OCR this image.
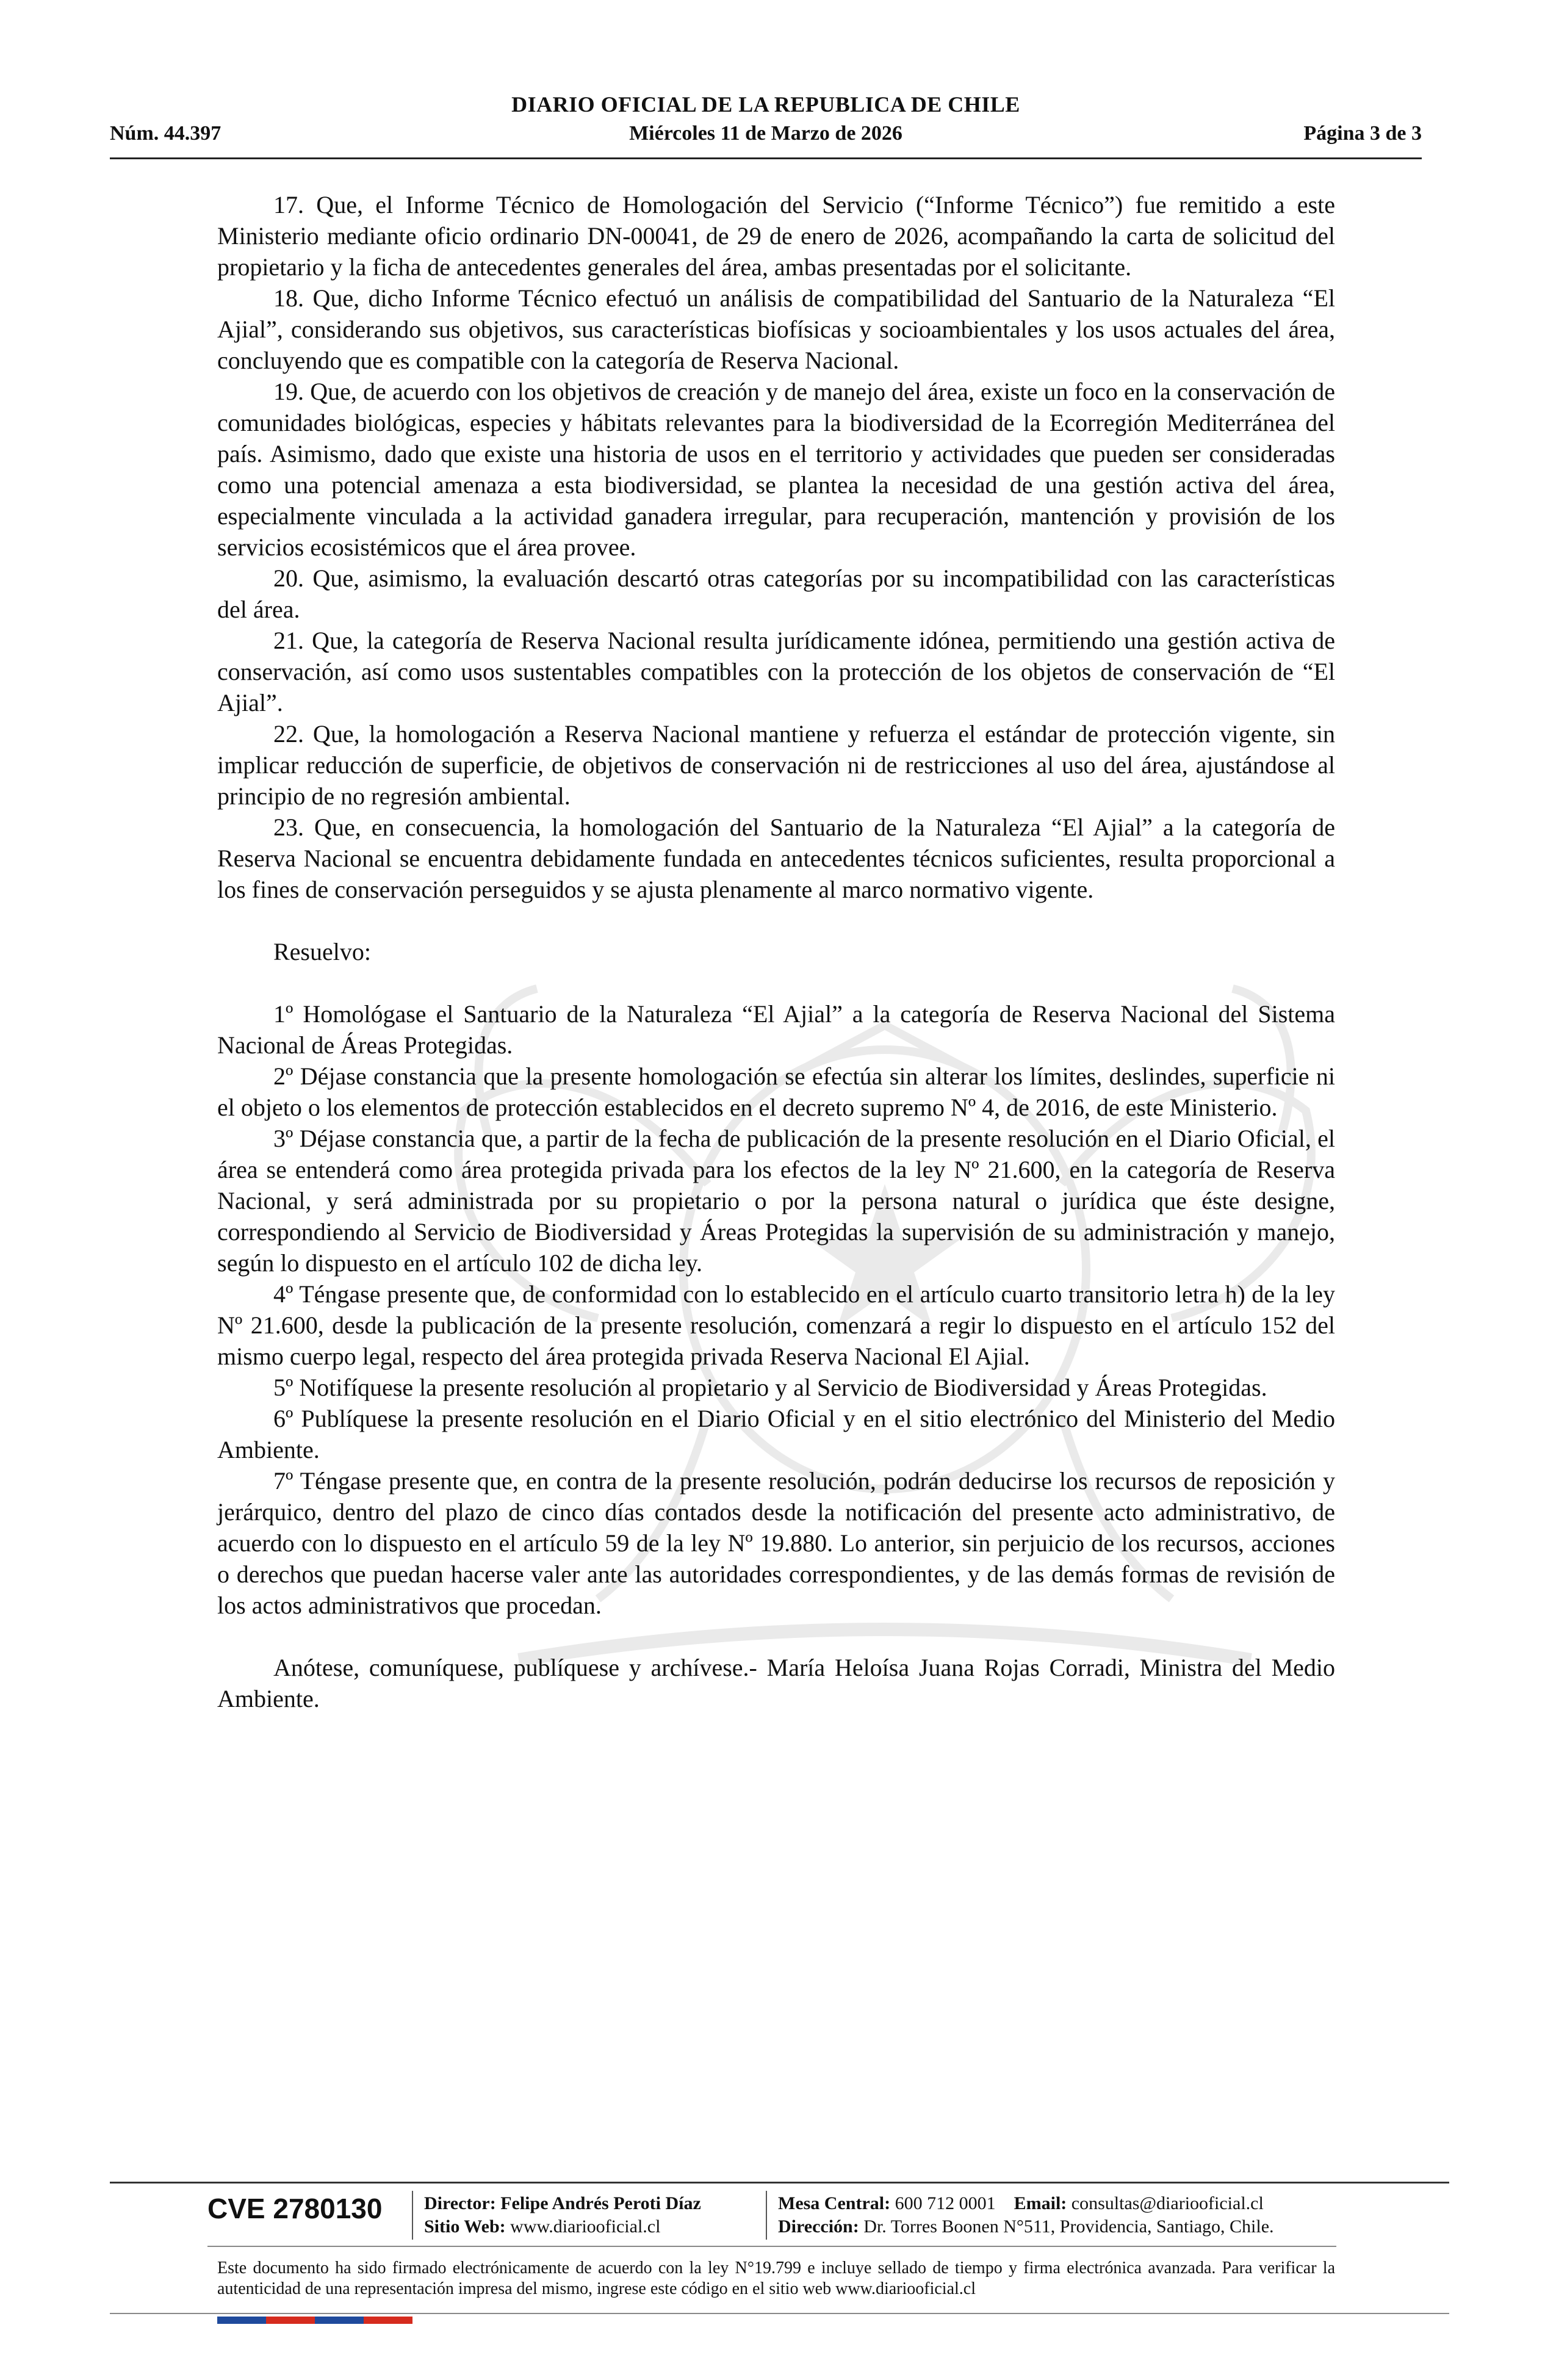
DIARIO OFICIAL DE LA REPUBLICA DE CHILE
Núm. 44.397	Miércoles 11 de Marzo de 2026	Página 3 de 3

17. Que, el Informe Técnico de Homologación del Servicio (“Informe Técnico”) fue remitido a este Ministerio mediante oficio ordinario DN-00041, de 29 de enero de 2026, acompañando la carta de solicitud del propietario y la ficha de antecedentes generales del área, ambas presentadas por el solicitante.

18. Que, dicho Informe Técnico efectuó un análisis de compatibilidad del Santuario de la Naturaleza “El Ajial”, considerando sus objetivos, sus características biofísicas y socioambientales y los usos actuales del área, concluyendo que es compatible con la categoría de Reserva Nacional.

19. Que, de acuerdo con los objetivos de creación y de manejo del área, existe un foco en la conservación de comunidades biológicas, especies y hábitats relevantes para la biodiversidad de la Ecorregión Mediterránea del país. Asimismo, dado que existe una historia de usos en el territorio y actividades que pueden ser consideradas como una potencial amenaza a esta biodiversidad, se plantea la necesidad de una gestión activa del área, especialmente vinculada a la actividad ganadera irregular, para recuperación, mantención y provisión de los servicios ecosistémicos que el área provee.

20. Que, asimismo, la evaluación descartó otras categorías por su incompatibilidad con las características del área.

21. Que, la categoría de Reserva Nacional resulta jurídicamente idónea, permitiendo una gestión activa de conservación, así como usos sustentables compatibles con la protección de los objetos de conservación de “El Ajial”.

22. Que, la homologación a Reserva Nacional mantiene y refuerza el estándar de protección vigente, sin implicar reducción de superficie, de objetivos de conservación ni de restricciones al uso del área, ajustándose al principio de no regresión ambiental.

23. Que, en consecuencia, la homologación del Santuario de la Naturaleza “El Ajial” a la categoría de Reserva Nacional se encuentra debidamente fundada en antecedentes técnicos suficientes, resulta proporcional a los fines de conservación perseguidos y se ajusta plenamente al marco normativo vigente.

Resuelvo:

1º Homológase el Santuario de la Naturaleza “El Ajial” a la categoría de Reserva Nacional del Sistema Nacional de Áreas Protegidas.

2º Déjase constancia que la presente homologación se efectúa sin alterar los límites, deslindes, superficie ni el objeto o los elementos de protección establecidos en el decreto supremo Nº 4, de 2016, de este Ministerio.

3º Déjase constancia que, a partir de la fecha de publicación de la presente resolución en el Diario Oficial, el área se entenderá como área protegida privada para los efectos de la ley Nº 21.600, en la categoría de Reserva Nacional, y será administrada por su propietario o por la persona natural o jurídica que éste designe, correspondiendo al Servicio de Biodiversidad y Áreas Protegidas la supervisión de su administración y manejo, según lo dispuesto en el artículo 102 de dicha ley.

4º Téngase presente que, de conformidad con lo establecido en el artículo cuarto transitorio letra h) de la ley Nº 21.600, desde la publicación de la presente resolución, comenzará a regir lo dispuesto en el artículo 152 del mismo cuerpo legal, respecto del área protegida privada Reserva Nacional El Ajial.

5º Notifíquese la presente resolución al propietario y al Servicio de Biodiversidad y Áreas Protegidas.

6º Publíquese la presente resolución en el Diario Oficial y en el sitio electrónico del Ministerio del Medio Ambiente.

7º Téngase presente que, en contra de la presente resolución, podrán deducirse los recursos de reposición y jerárquico, dentro del plazo de cinco días contados desde la notificación del presente acto administrativo, de acuerdo con lo dispuesto en el artículo 59 de la ley Nº 19.880. Lo anterior, sin perjuicio de los recursos, acciones o derechos que puedan hacerse valer ante las autoridades correspondientes, y de las demás formas de revisión de los actos administrativos que procedan.

Anótese, comuníquese, publíquese y archívese.- María Heloísa Juana Rojas Corradi, Ministra del Medio Ambiente.

CVE 2780130 Director: Felipe Andrés Peroti Díaz
Sitio Web: www.diariooficial.cl
Mesa Central: 600 712 0001 Email: consultas@diariooficial.cl
Dirección: Dr. Torres Boonen N°511, Providencia, Santiago, Chile.
Este documento ha sido firmado electrónicamente de acuerdo con la ley N°19.799 e incluye sellado de tiempo y firma electrónica avanzada. Para verificar la autenticidad de una representación impresa del mismo, ingrese este código en el sitio web www.diariooficial.cl
